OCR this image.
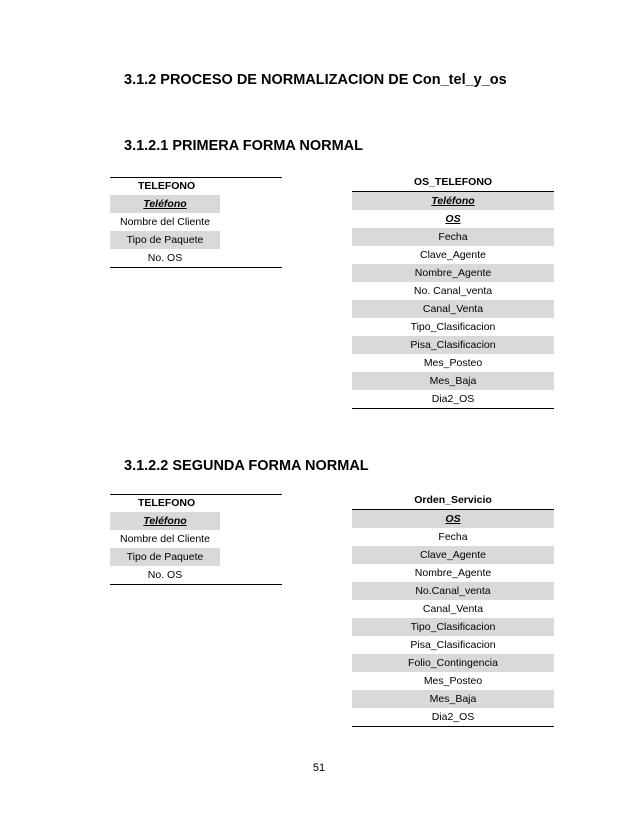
3.1.2 PROCESO DE NORMALIZACION DE Con_tel_y_os
3.1.2.1 PRIMERA FORMA NORMAL
TELEFONO
Teléfono
Nombre del Cliente
Tipo de Paquete
No. OS
OS_TELEFONO
Teléfono
OS
Fecha
Clave_Agente
Nombre_Agente
No. Canal_venta
Canal_Venta
Tipo_Clasificacion
Pisa_Clasificacion
Mes_Posteo
Mes_Baja
Dia2_OS
3.1.2.2 SEGUNDA FORMA NORMAL
TELEFONO
Teléfono
Nombre del Cliente
Tipo de Paquete
No. OS
Orden_Servicio
OS
Fecha
Clave_Agente
Nombre_Agente
No.Canal_venta
Canal_Venta
Tipo_Clasificacion
Pisa_Clasificacion
Folio_Contingencia
Mes_Posteo
Mes_Baja
Dia2_OS
51
